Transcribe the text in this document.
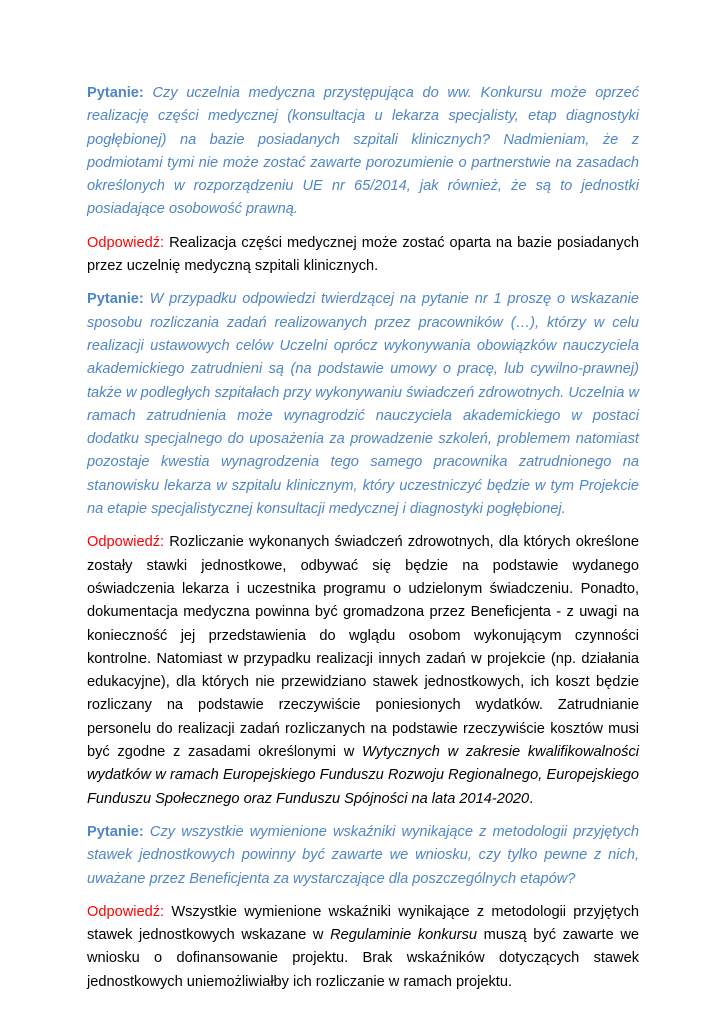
Pytanie: Czy uczelnia medyczna przystępująca do ww. Konkursu może oprzeć realizację części medycznej (konsultacja u lekarza specjalisty, etap diagnostyki pogłębionej) na bazie posiadanych szpitali klinicznych? Nadmieniam, że z podmiotami tymi nie może zostać zawarte porozumienie o partnerstwie na zasadach określonych w rozporządzeniu UE nr 65/2014, jak również, że są to jednostki posiadające osobowość prawną.

Odpowiedź: Realizacja części medycznej może zostać oparta na bazie posiadanych przez uczelnię medyczną szpitali klinicznych.

Pytanie: W przypadku odpowiedzi twierdzącej na pytanie nr 1 proszę o wskazanie sposobu rozliczania zadań realizowanych przez pracowników (…), którzy w celu realizacji ustawowych celów Uczelni oprócz wykonywania obowiązków nauczyciela akademickiego zatrudnieni są (na podstawie umowy o pracę, lub cywilno-prawnej) także w podległych szpitałach przy wykonywaniu świadczeń zdrowotnych. Uczelnia w ramach zatrudnienia może wynagrodzić nauczyciela akademickiego w postaci dodatku specjalnego do uposażenia za prowadzenie szkoleń, problemem natomiast pozostaje kwestia wynagrodzenia tego samego pracownika zatrudnionego na stanowisku lekarza w szpitalu klinicznym, który uczestniczyć będzie w tym Projekcie na etapie specjalistycznej konsultacji medycznej i diagnostyki pogłębionej.

Odpowiedź: Rozliczanie wykonanych świadczeń zdrowotnych, dla których określone zostały stawki jednostkowe, odbywać się będzie na podstawie wydanego oświadczenia lekarza i uczestnika programu o udzielonym świadczeniu. Ponadto, dokumentacja medyczna powinna być gromadzona przez Beneficjenta - z uwagi na konieczność jej przedstawienia do wglądu osobom wykonującym czynności kontrolne. Natomiast w przypadku realizacji innych zadań w projekcie (np. działania edukacyjne), dla których nie przewidziano stawek jednostkowych, ich koszt będzie rozliczany na podstawie rzeczywiście poniesionych wydatków. Zatrudnianie personelu do realizacji zadań rozliczanych na podstawie rzeczywiście kosztów musi być zgodne z zasadami określonymi w Wytycznych w zakresie kwalifikowalności wydatków w ramach Europejskiego Funduszu Rozwoju Regionalnego, Europejskiego Funduszu Społecznego oraz Funduszu Spójności na lata 2014-2020.

Pytanie: Czy wszystkie wymienione wskaźniki wynikające z metodologii przyjętych stawek jednostkowych powinny być zawarte we wniosku, czy tylko pewne z nich, uważane przez Beneficjenta za wystarczające dla poszczególnych etapów?

Odpowiedź: Wszystkie wymienione wskaźniki wynikające z metodologii przyjętych stawek jednostkowych wskazane w Regulaminie konkursu muszą być zawarte we wniosku o dofinansowanie projektu. Brak wskaźników dotyczących stawek jednostkowych uniemożliwiałby ich rozliczanie w ramach projektu.
